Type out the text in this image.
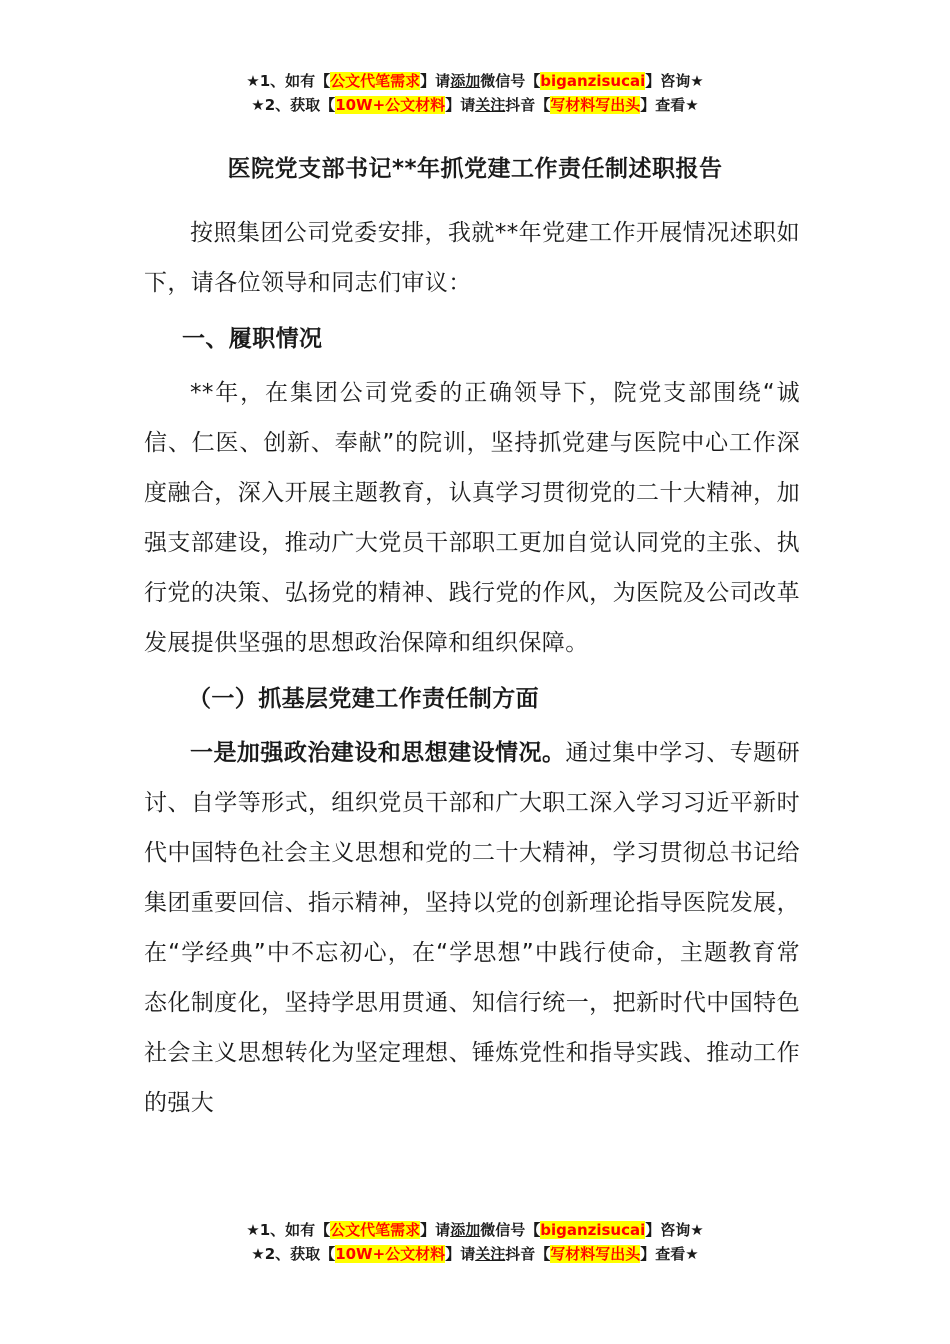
★1、如有【公文代笔需求】请添加微信号【biganzisucai】咨询★
★2、获取【10W+公文材料】请关注抖音【写材料写出头】查看★
医院党支部书记**年抓党建工作责任制述职报告

按照集团公司党委安排，我就**年党建工作开展情况述职如下，请各位领导和同志们审议：

一、履职情况

**年，在集团公司党委的正确领导下，院党支部围绕“诚信、仁医、创新、奉献”的院训，坚持抓党建与医院中心工作深度融合，深入开展主题教育，认真学习贯彻党的二十大精神，加强支部建设，推动广大党员干部职工更加自觉认同党的主张、执行党的决策、弘扬党的精神、践行党的作风，为医院及公司改革发展提供坚强的思想政治保障和组织保障。

（一）抓基层党建工作责任制方面

一是加强政治建设和思想建设情况。通过集中学习、专题研讨、自学等形式，组织党员干部和广大职工深入学习习近平新时代中国特色社会主义思想和党的二十大精神，学习贯彻总书记给集团重要回信、指示精神，坚持以党的创新理论指导医院发展，在“学经典”中不忘初心，在“学思想”中践行使命，主题教育常态化制度化，坚持学思用贯通、知信行统一，把新时代中国特色社会主义思想转化为坚定理想、锤炼党性和指导实践、推动工作的强大

★1、如有【公文代笔需求】请添加微信号【biganzisucai】咨询★
★2、获取【10W+公文材料】请关注抖音【写材料写出头】查看★
